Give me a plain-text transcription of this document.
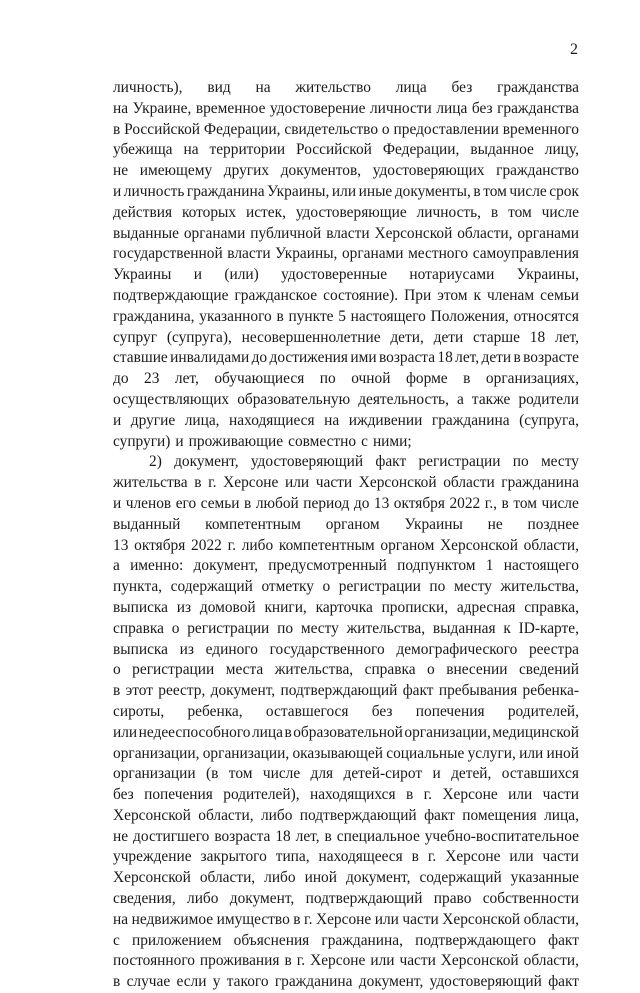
2
личность), вид на жительство лица без гражданства
на Украине, временное удостоверение личности лица без гражданства
в Российской Федерации, свидетельство о предоставлении временного
убежища на территории Российской Федерации, выданное лицу,
не имеющему других документов, удостоверяющих гражданство
и личность гражданина Украины, или иные документы, в том числе срок
действия которых истек, удостоверяющие личность, в том числе
выданные органами публичной власти Херсонской области, органами
государственной власти Украины, органами местного самоуправления
Украины и (или) удостоверенные нотариусами Украины,
подтверждающие гражданское состояние). При этом к членам семьи
гражданина, указанного в пункте 5 настоящего Положения, относятся
супруг (супруга), несовершеннолетние дети, дети старше 18 лет,
ставшие инвалидами до достижения ими возраста 18 лет, дети в возрасте
до 23 лет, обучающиеся по очной форме в организациях,
осуществляющих образовательную деятельность, а также родители
и другие лица, находящиеся на иждивении гражданина (супруга,
супруги) и проживающие совместно с ними;
2) документ, удостоверяющий факт регистрации по месту
жительства в г. Херсоне или части Херсонской области гражданина
и членов его семьи в любой период до 13 октября 2022 г., в том числе
выданный компетентным органом Украины не позднее
13 октября 2022 г. либо компетентным органом Херсонской области,
а именно: документ, предусмотренный подпунктом 1 настоящего
пункта, содержащий отметку о регистрации по месту жительства,
выписка из домовой книги, карточка прописки, адресная справка,
справка о регистрации по месту жительства, выданная к ID-карте,
выписка из единого государственного демографического реестра
о регистрации места жительства, справка о внесении сведений
в этот реестр, документ, подтверждающий факт пребывания ребенка-
сироты, ребенка, оставшегося без попечения родителей,
или недееспособного лица в образовательной организации, медицинской
организации, организации, оказывающей социальные услуги, или иной
организации (в том числе для детей-сирот и детей, оставшихся
без попечения родителей), находящихся в г. Херсоне или части
Херсонской области, либо подтверждающий факт помещения лица,
не достигшего возраста 18 лет, в специальное учебно-воспитательное
учреждение закрытого типа, находящееся в г. Херсоне или части
Херсонской области, либо иной документ, содержащий указанные
сведения, либо документ, подтверждающий право собственности
на недвижимое имущество в г. Херсоне или части Херсонской области,
с приложением объяснения гражданина, подтверждающего факт
постоянного проживания в г. Херсоне или части Херсонской области,
в случае если у такого гражданина документ, удостоверяющий факт
